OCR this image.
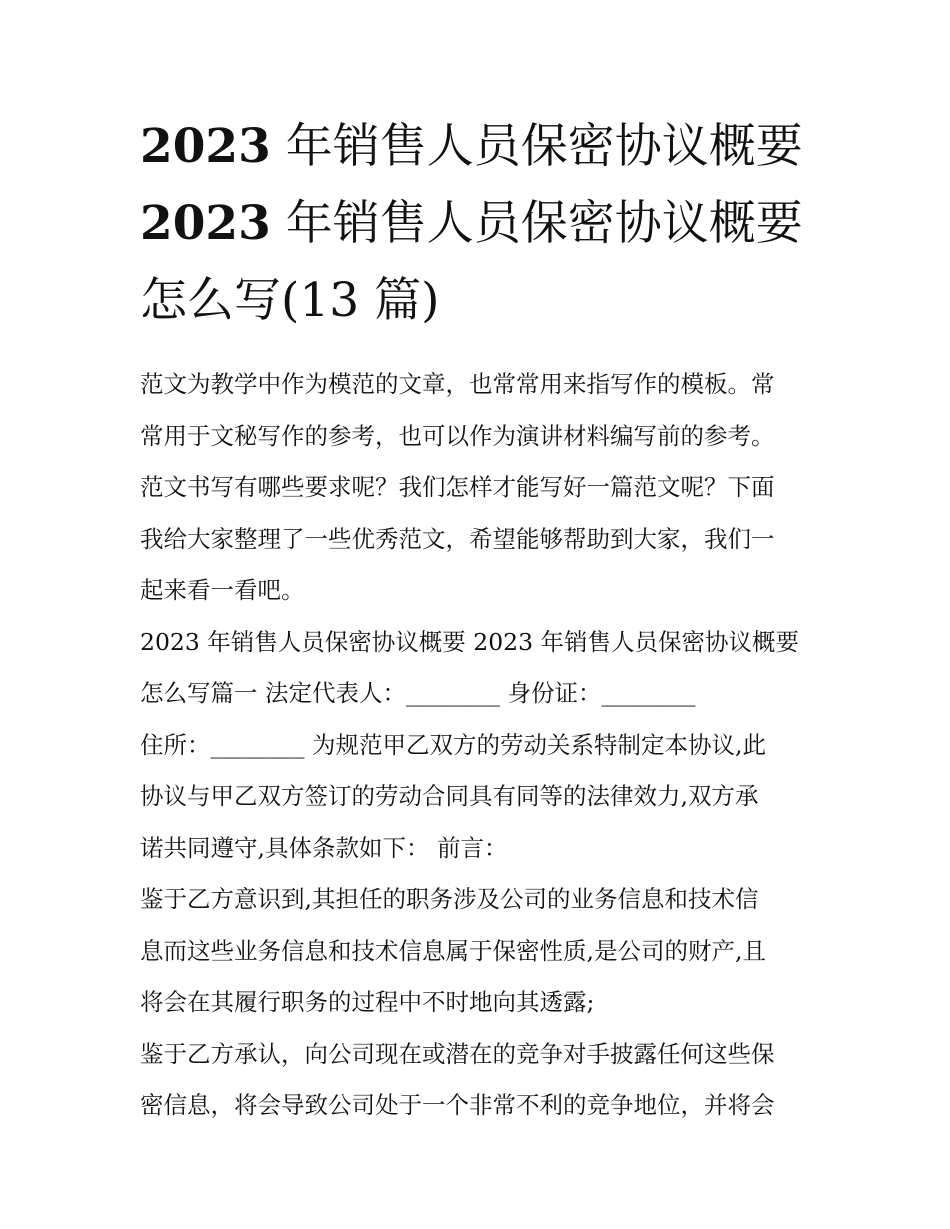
2023 年销售人员保密协议概要
2023 年销售人员保密协议概要
怎么写(13 篇)

范文为教学中作为模范的文章，也常常用来指写作的模板。常
常用于文秘写作的参考，也可以作为演讲材料编写前的参考。
范文书写有哪些要求呢？我们怎样才能写好一篇范文呢？下面
我给大家整理了一些优秀范文，希望能够帮助到大家，我们一
起来看一看吧。

2023 年销售人员保密协议概要 2023 年销售人员保密协议概要
怎么写篇一 法定代表人：________ 身份证：________
住所：________ 为规范甲乙双方的劳动关系特制定本协议,此
协议与甲乙双方签订的劳动合同具有同等的法律效力,双方承
诺共同遵守,具体条款如下： 前言：

鉴于乙方意识到,其担任的职务涉及公司的业务信息和技术信
息而这些业务信息和技术信息属于保密性质,是公司的财产,且
将会在其履行职务的过程中不时地向其透露;

鉴于乙方承认，向公司现在或潜在的竞争对手披露任何这些保
密信息，将会导致公司处于一个非常不利的竞争地位，并将会
